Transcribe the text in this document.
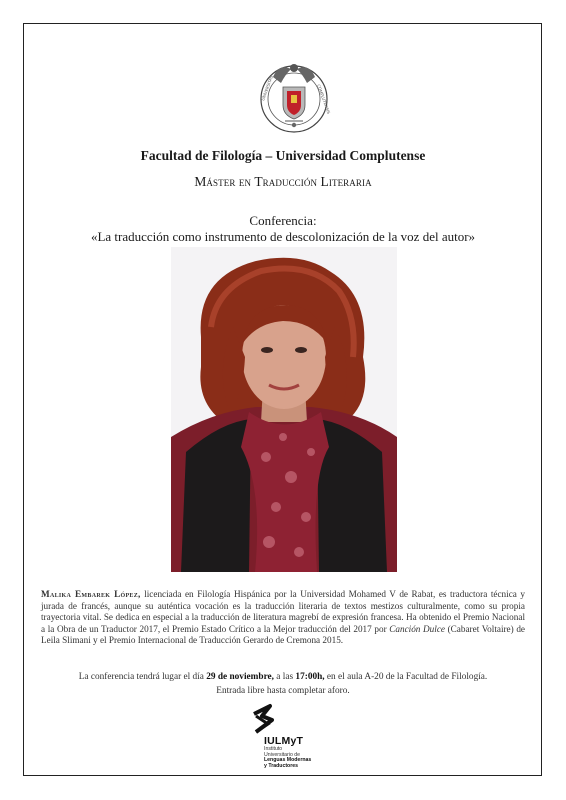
UNIVERSITAS	COMPLUTENSIS
Facultad de Filología – Universidad Complutense
Máster en Traducción Literaria
Conferencia:
«La traducción como instrumento de descolonización de la voz del autor»
Malika Embarek López, licenciada en Filología Hispánica por la Universidad Mohamed V de Rabat, es traductora técnica y jurada de francés, aunque su auténtica vocación es la traducción literaria de textos mestizos culturalmente, como su propia trayectoria vital. Se dedica en especial a la traducción de literatura magrebí de expresión francesa. Ha obtenido el Premio Nacional a la Obra de un Traductor 2017, el Premio Estado Crítico a la Mejor traducción del 2017 por Canción Dulce (Cabaret Voltaire) de Leila Slimani y el Premio Internacional de Traducción Gerardo de Cremona 2015.
La conferencia tendrá lugar el día 29 de noviembre, a las 17:00h, en el aula A-20 de la Facultad de Filología.
Entrada libre hasta completar aforo.
IULMyT
Instituto
Universitario de
Lenguas Modernas
y Traductores
